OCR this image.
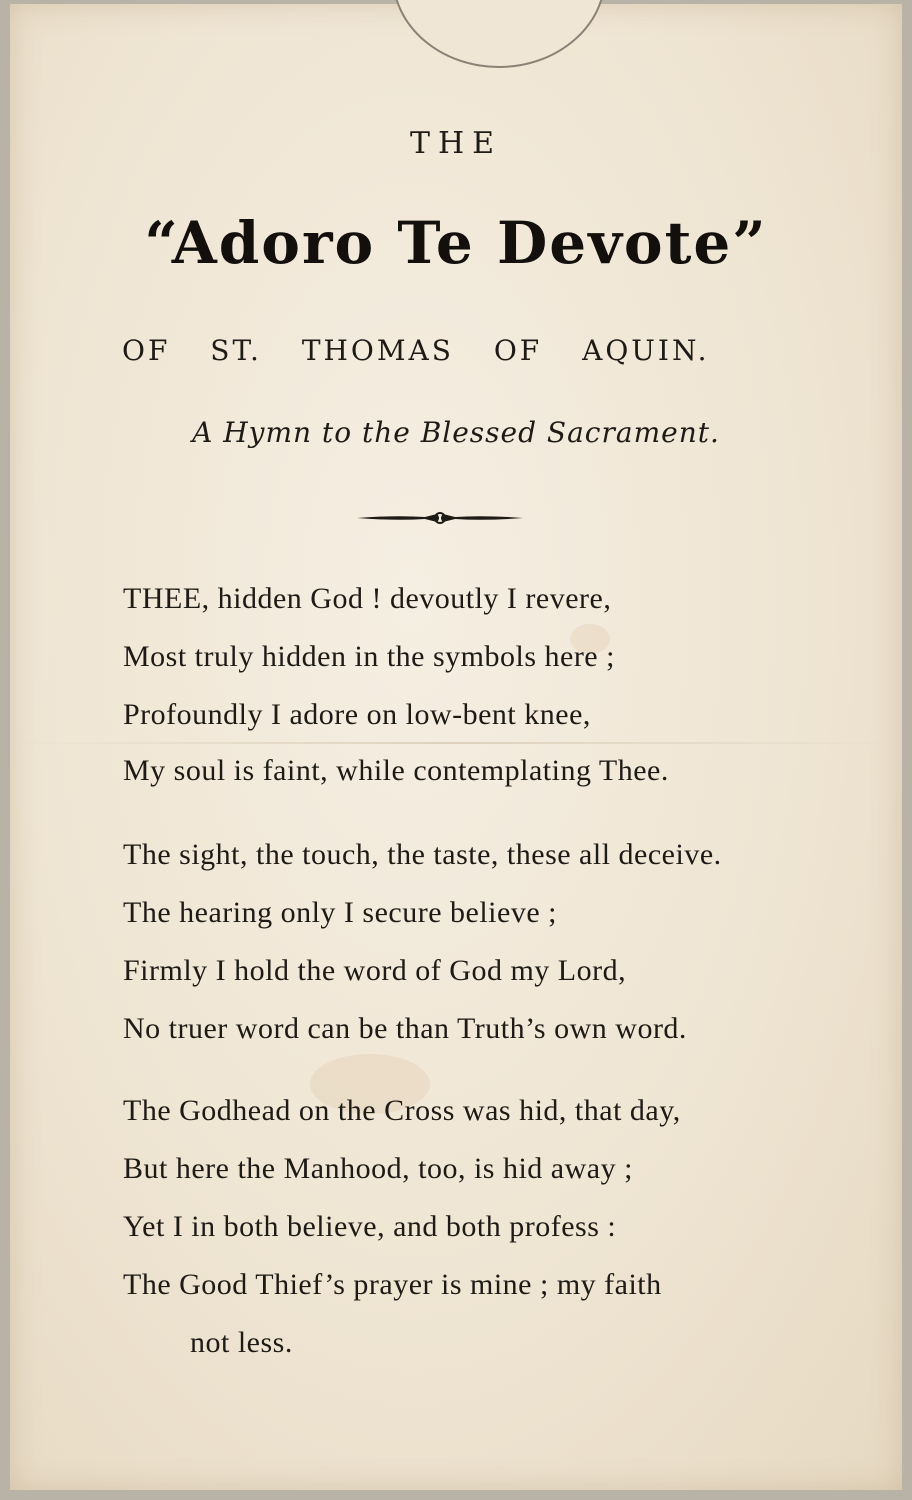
THE
“Adoro Te Devote”
OF ST. THOMAS OF AQUIN.
A Hymn to the Blessed Sacrament.
THEE, hidden God ! devoutly I revere,
Most truly hidden in the symbols here ;
Profoundly I adore on low-bent knee,
My soul is faint, while contemplating Thee.
The sight, the touch, the taste, these all deceive.
The hearing only I secure believe ;
Firmly I hold the word of God my Lord,
No truer word can be than Truth’s own word.
The Godhead on the Cross was hid, that day,
But here the Manhood, too, is hid away ;
Yet I in both believe, and both profess :
The Good Thief’s prayer is mine ; my faith
not less.
